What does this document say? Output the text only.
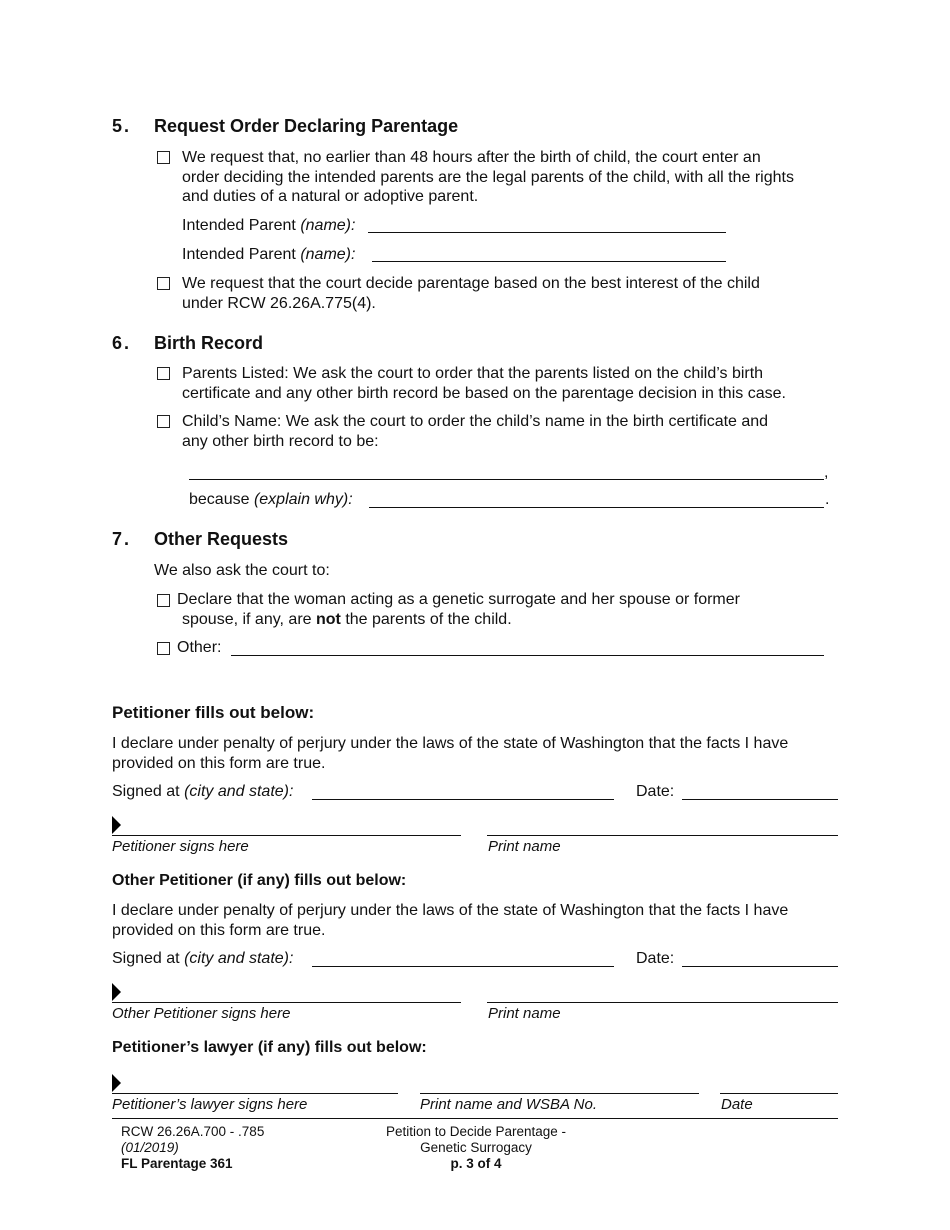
5. Request Order Declaring Parentage
We request that, no earlier than 48 hours after the birth of child, the court enter an
order deciding the intended parents are the legal parents of the child, with all the rights
and duties of a natural or adoptive parent.
Intended Parent (name):
Intended Parent (name):
We request that the court decide parentage based on the best interest of the child
under RCW 26.26A.775(4).
6. Birth Record
Parents Listed: We ask the court to order that the parents listed on the child’s birth
certificate and any other birth record be based on the parentage decision in this case.
Child’s Name: We ask the court to order the child’s name in the birth certificate and
any other birth record to be:
,
because (explain why):	.
7. Other Requests
We also ask the court to:
Declare that the woman acting as a genetic surrogate and her spouse or former
spouse, if any, are not the parents of the child.
Other:
Petitioner fills out below:
I declare under penalty of perjury under the laws of the state of Washington that the facts I have
provided on this form are true.
Signed at (city and state):	Date:
Petitioner signs here	Print name
Other Petitioner (if any) fills out below:
I declare under penalty of perjury under the laws of the state of Washington that the facts I have
provided on this form are true.
Signed at (city and state):	Date:
Other Petitioner signs here	Print name
Petitioner’s lawyer (if any) fills out below:
Petitioner’s lawyer signs here	Print name and WSBA No.	Date
RCW 26.26A.700 - .785
(01/2019)
FL Parentage 361
Petition to Decide Parentage -
Genetic Surrogacy
p. 3 of 4
